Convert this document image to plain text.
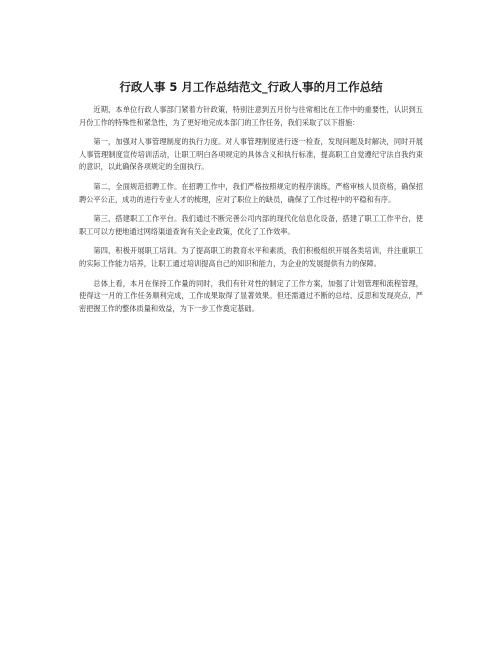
行政人事 5 月工作总结范文_行政人事的月工作总结

近期，本单位行政人事部门紧着方针政策，特别注意到五月份与往常相比在工作中的重要性，认识到五月份工作的特殊性和紧急性，为了更好地完成本部门的工作任务，我们采取了以下措施：

第一，加强对人事管理制度的执行力度。对人事管理制度进行逐一检查，发现问题及时解决，同时开展人事管理制度宣传培训活动，让职工明白各项规定的具体含义和执行标准，提高职工自觉遵纪守法自我约束的意识，以此确保各项规定的全面执行。

第二，全面规范招聘工作。在招聘工作中，我们严格按照规定的程序演练，严格审核人员资格，确保招聘公平公正，成功的进行专业人才的梳理，应对了职位上的缺员，确保了工作过程中的平稳和有序。

第三，搭建职工工作平台。我们通过不断完善公司内部的现代化信息化设备，搭建了职工工作平台，使职工可以方便地通过网络渠道查询有关企业政策，优化了工作效率。

第四，积极开展职工培训。为了提高职工的教育水平和素质，我们积极组织开展各类培训，并注重职工的实际工作能力培养，让职工通过培训提高自己的知识和能力，为企业的发展提供有力的保障。

总体上看，本月在保持工作量的同时，我们有针对性的制定了工作方案，加强了计划管理和流程管理，使得这一月的工作任务顺利完成，工作成果取得了显著效果。但还需通过不断的总结、反思和发现亮点，严密把握工作的整体质量和效益，为下一步工作奠定基础。
